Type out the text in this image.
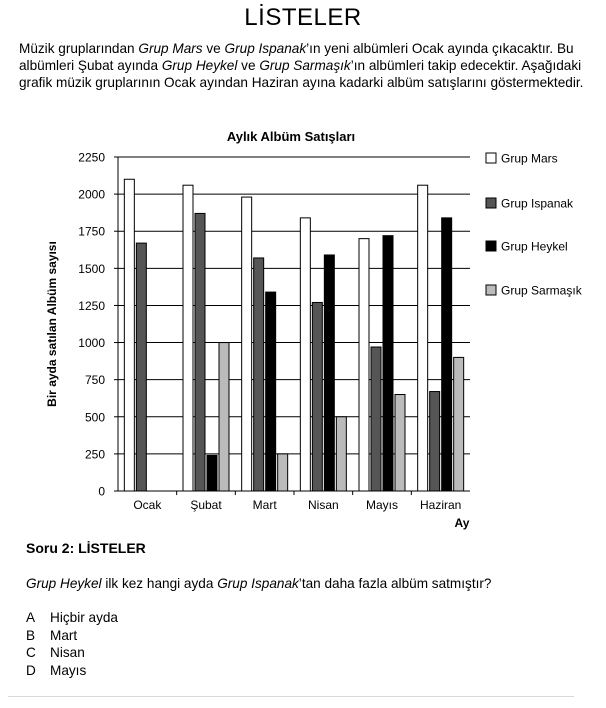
LİSTELER

Müzik gruplarından Grup Mars ve Grup Ispanak’ın yeni albümleri Ocak ayında çıkacaktır. Bu albümleri Şubat ayında Grup Heykel ve Grup Sarmaşık’ın albümleri takip edecektir. Aşağıdaki grafik müzik gruplarının Ocak ayından Haziran ayına kadarki albüm satışlarını göstermektedir.

Aylık Albüm Satışları
0
250
500
750
1000
1250
1500
1750
2000
2250
Ocak Şubat	Mart	Nisan Mayıs Haziran
Ay
Bir ayda satılan Albüm sayısı
Grup Mars
Grup Ispanak
Grup Heykel
Grup Sarmaşık
Soru 2: LİSTELER
Grup Heykel ilk kez hangi ayda Grup Ispanak’tan daha fazla albüm satmıştır?
A Hiçbir ayda
B Mart
C Nisan
D Mayıs
